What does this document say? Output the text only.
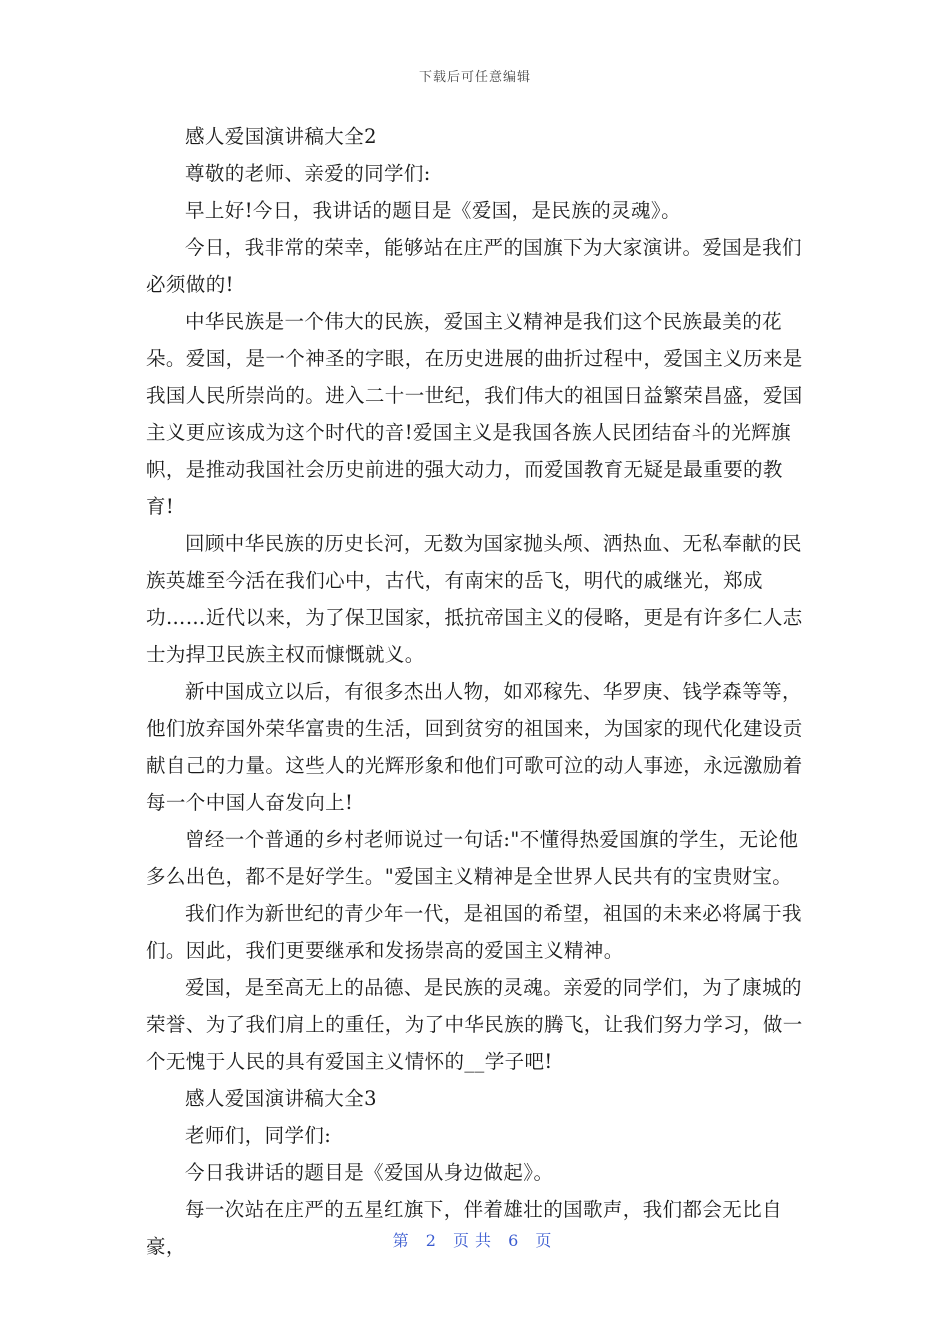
下载后可任意编辑

感人爱国演讲稿大全2

尊敬的老师、亲爱的同学们:

早上好!今日，我讲话的题目是《爱国，是民族的灵魂》。

今日，我非常的荣幸，能够站在庄严的国旗下为大家演讲。爱国是我们必须做的!

中华民族是一个伟大的民族，爱国主义精神是我们这个民族最美的花朵。爱国，是一个神圣的字眼，在历史进展的曲折过程中，爱国主义历来是我国人民所崇尚的。进入二十一世纪，我们伟大的祖国日益繁荣昌盛，爱国主义更应该成为这个时代的音!爱国主义是我国各族人民团结奋斗的光辉旗帜，是推动我国社会历史前进的强大动力，而爱国教育无疑是最重要的教育!

回顾中华民族的历史长河，无数为国家抛头颅、洒热血、无私奉献的民族英雄至今活在我们心中，古代，有南宋的岳飞，明代的戚继光，郑成功……近代以来，为了保卫国家，抵抗帝国主义的侵略，更是有许多仁人志士为捍卫民族主权而慷慨就义。

新中国成立以后，有很多杰出人物，如邓稼先、华罗庚、钱学森等等，他们放弃国外荣华富贵的生活，回到贫穷的祖国来，为国家的现代化建设贡献自己的力量。这些人的光辉形象和他们可歌可泣的动人事迹，永远激励着每一个中国人奋发向上!

曾经一个普通的乡村老师说过一句话:"不懂得热爱国旗的学生，无论他多么出色，都不是好学生。"爱国主义精神是全世界人民共有的宝贵财宝。

我们作为新世纪的青少年一代，是祖国的希望，祖国的未来必将属于我们。因此，我们更要继承和发扬崇高的爱国主义精神。

爱国，是至高无上的品德、是民族的灵魂。亲爱的同学们，为了康城的荣誉、为了我们肩上的重任，为了中华民族的腾飞，让我们努力学习，做一个无愧于人民的具有爱国主义情怀的__学子吧!

感人爱国演讲稿大全3

老师们，同学们:

今日我讲话的题目是《爱国从身边做起》。

每一次站在庄严的五星红旗下，伴着雄壮的国歌声，我们都会无比自豪，	第 2 页共 6 页
